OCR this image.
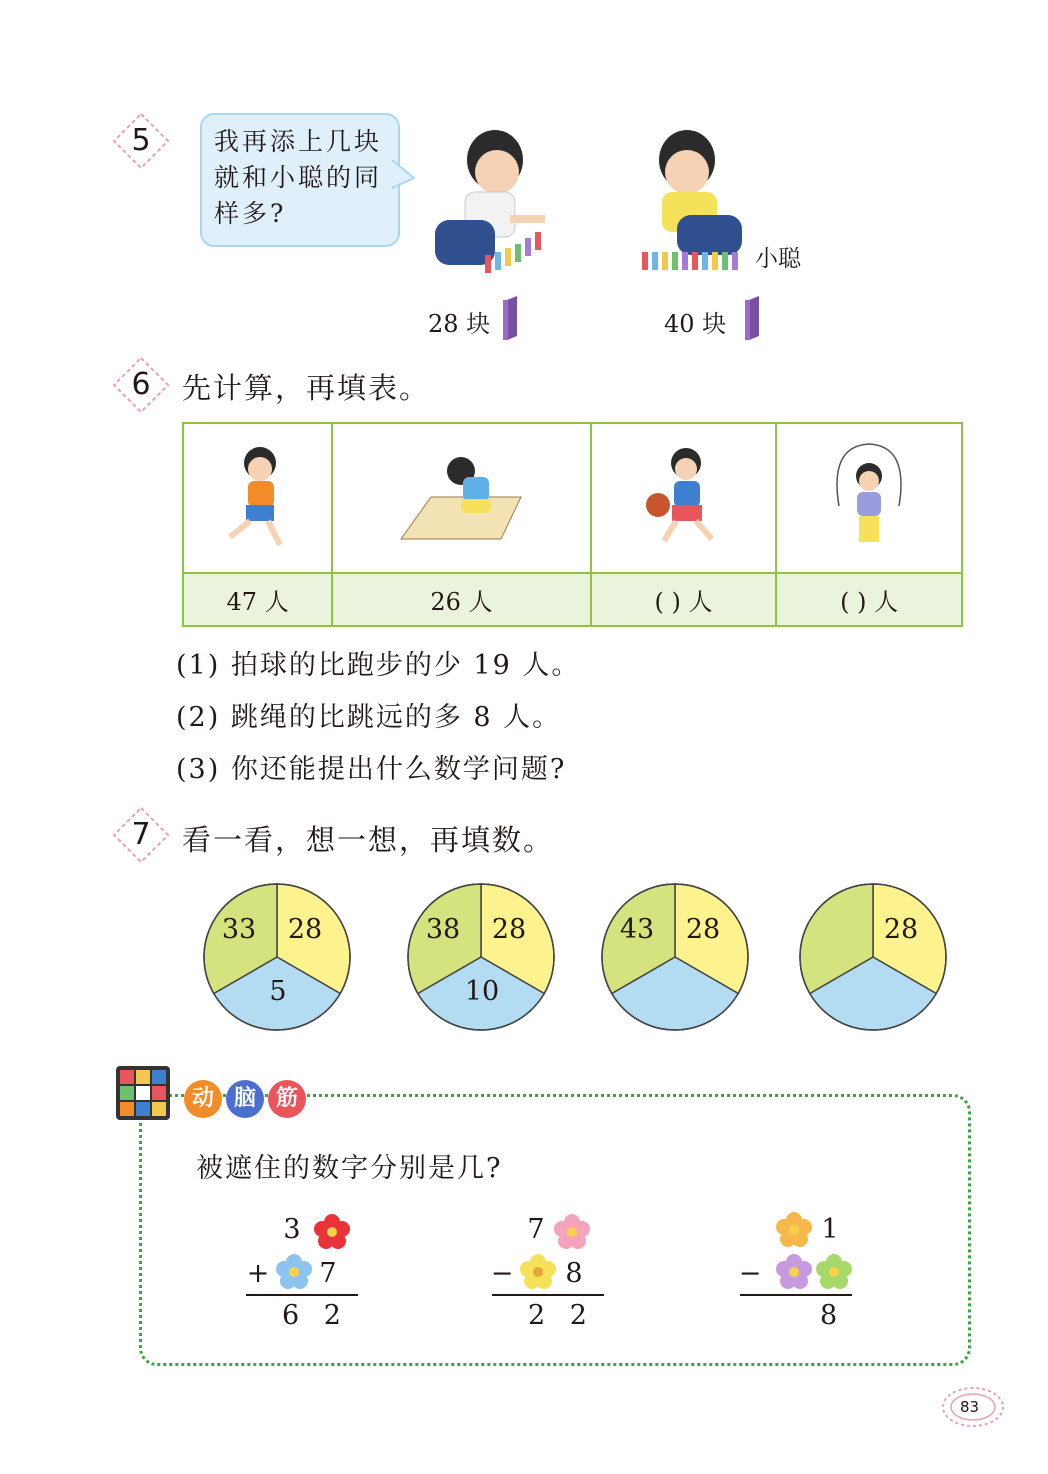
5	我再添上几块就和小聪的同样多?
小聪
28 块	40 块
6	先计算，再填表。

47 人	26 人	( ) 人	( ) 人
(1) 拍球的比跑步的少 19 人。
(2) 跳绳的比跳远的多 8 人。
(3) 你还能提出什么数学问题?
7	看一看，想一想，再填数。
33 28
5
38 28
10
43 28	28
动 脑 筋
被遮住的数字分别是几?
3
+ 7
6 2
7
− 8
2 2
1
−
8
83
